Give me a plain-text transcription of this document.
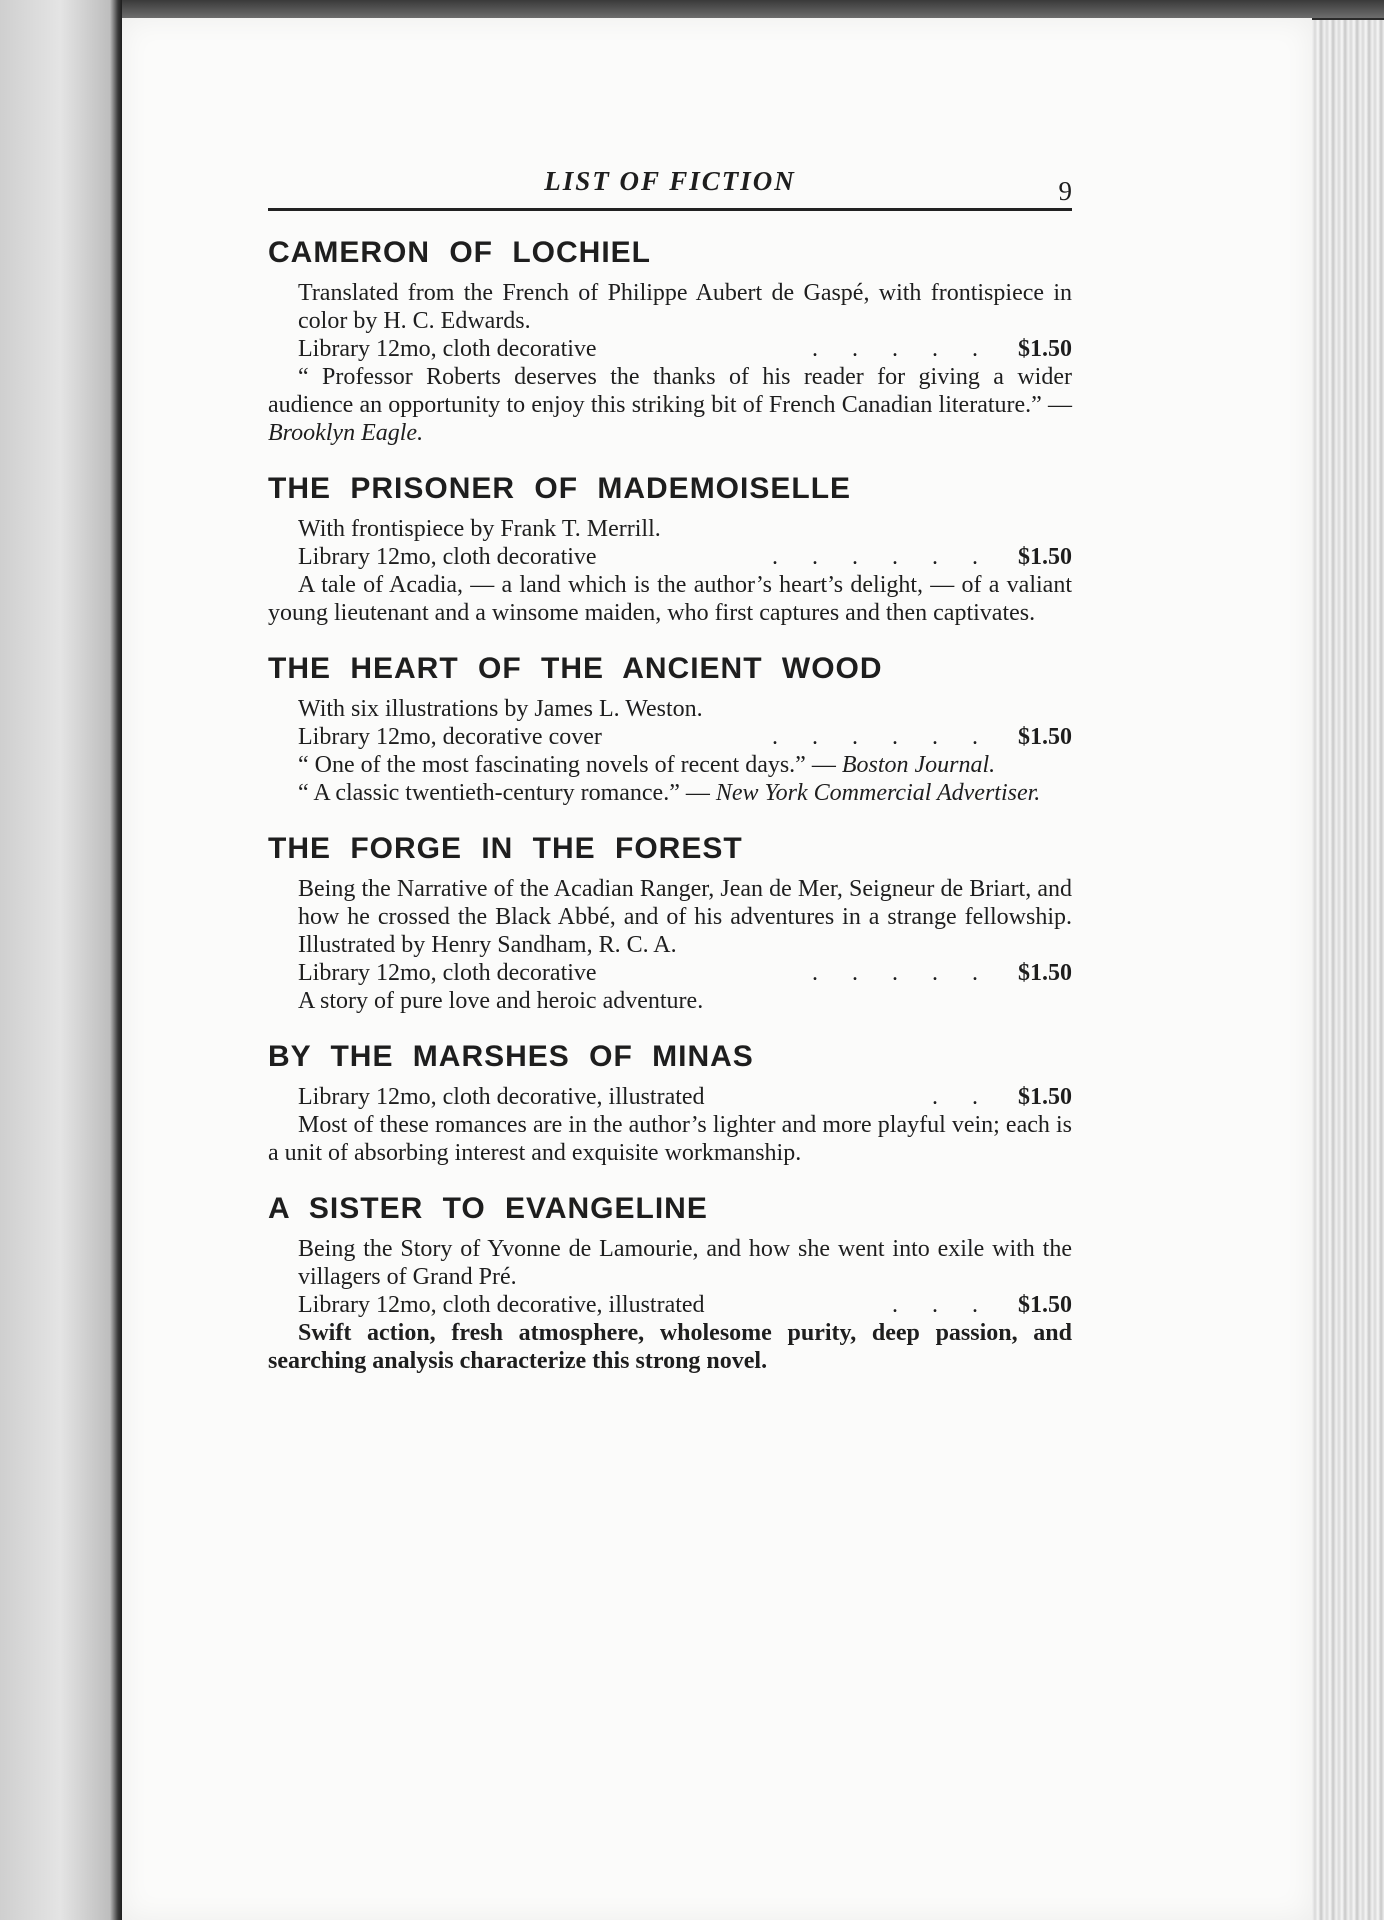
LIST OF FICTION	9
CAMERON OF LOCHIEL

Translated from the French of Philippe Aubert de Gaspé, with frontispiece in color by H. C. Edwards.

Library 12mo, cloth decorative	. . . . .	$1.50

“ Professor Roberts deserves the thanks of his reader for giving a wider audience an opportunity to enjoy this striking bit of French Canadian literature.” — Brooklyn Eagle.

THE PRISONER OF MADEMOISELLE

With frontispiece by Frank T. Merrill.

Library 12mo, cloth decorative	. . . . . .	$1.50

A tale of Acadia, — a land which is the author’s heart’s delight, — of a valiant young lieutenant and a winsome maiden, who first captures and then captivates.

THE HEART OF THE ANCIENT WOOD

With six illustrations by James L. Weston.

Library 12mo, decorative cover	. . . . . .	$1.50

“ One of the most fascinating novels of recent days.” — Boston Journal.

“ A classic twentieth-century romance.” — New York Commercial Advertiser.

THE FORGE IN THE FOREST

Being the Narrative of the Acadian Ranger, Jean de Mer, Seigneur de Briart, and how he crossed the Black Abbé, and of his adventures in a strange fellowship. Illustrated by Henry Sandham, R. C. A.

Library 12mo, cloth decorative	. . . . .	$1.50

A story of pure love and heroic adventure.

BY THE MARSHES OF MINAS
Library 12mo, cloth decorative, illustrated	. .	$1.50

Most of these romances are in the author’s lighter and more playful vein; each is a unit of absorbing interest and exquisite workmanship.

A SISTER TO EVANGELINE

Being the Story of Yvonne de Lamourie, and how she went into exile with the villagers of Grand Pré.

Library 12mo, cloth decorative, illustrated	. . .	$1.50

Swift action, fresh atmosphere, wholesome purity, deep passion, and searching analysis characterize this strong novel.
